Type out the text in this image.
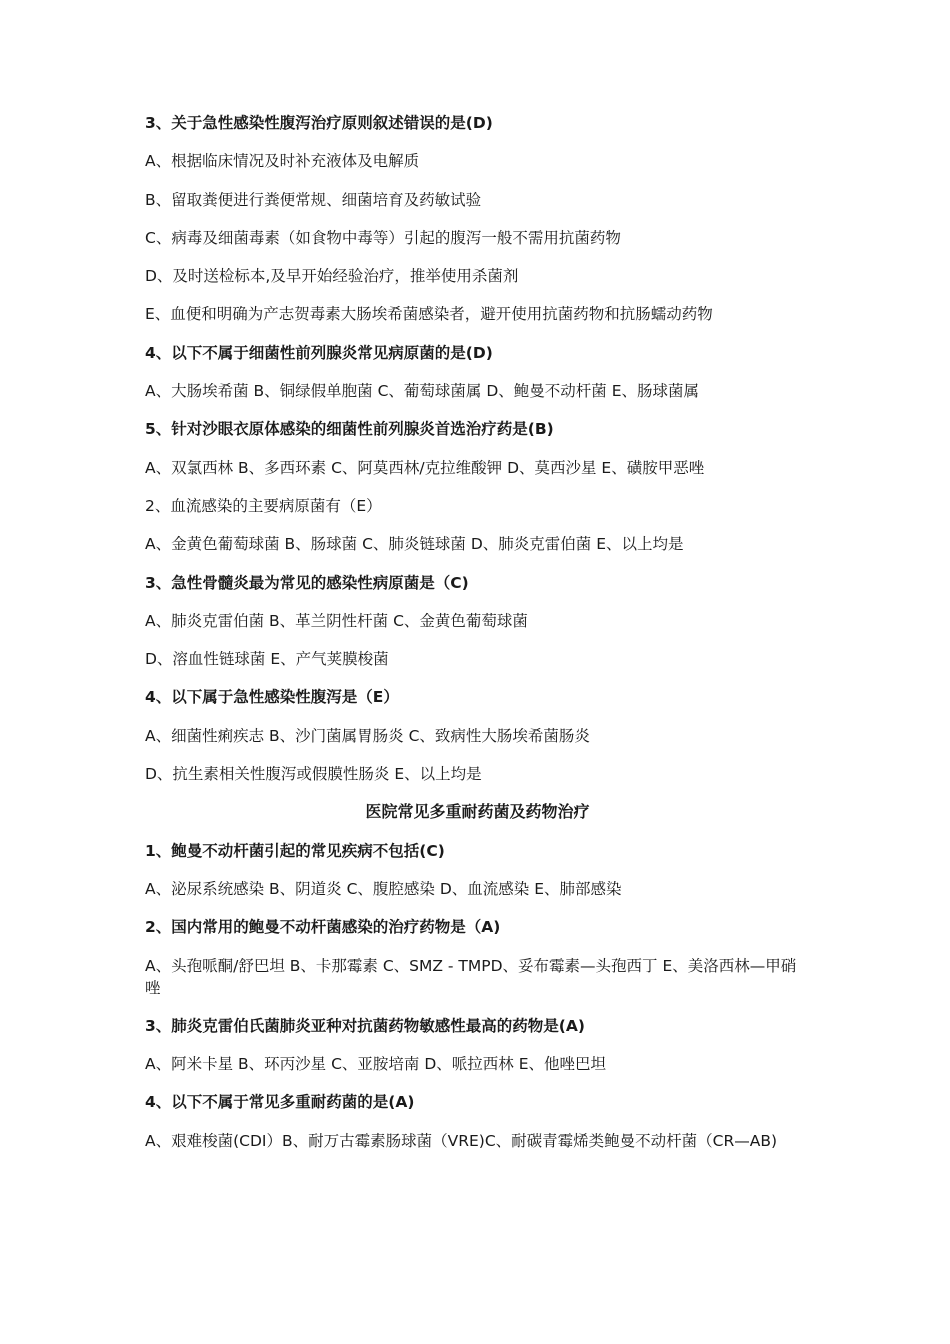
3、关于急性感染性腹泻治疗原则叙述错误的是(D)
A、根据临床情况及时补充液体及电解质
B、留取粪便进行粪便常规、细菌培育及药敏试验
C、病毒及细菌毒素（如食物中毒等）引起的腹泻一般不需用抗菌药物
D、及时送检标本,及早开始经验治疗，推举使用杀菌剂
E、血便和明确为产志贺毒素大肠埃希菌感染者，避开使用抗菌药物和抗肠蠕动药物
4、以下不属于细菌性前列腺炎常见病原菌的是(D)
A、大肠埃希菌 B、铜绿假单胞菌 C、葡萄球菌属 D、鲍曼不动杆菌 E、肠球菌属
5、针对沙眼衣原体感染的细菌性前列腺炎首选治疗药是(B)
A、双氯西林 B、多西环素 C、阿莫西林/克拉维酸钾 D、莫西沙星 E、磺胺甲恶唑
2、血流感染的主要病原菌有（E）
A、金黄色葡萄球菌 B、肠球菌 C、肺炎链球菌 D、肺炎克雷伯菌 E、以上均是
3、急性骨髓炎最为常见的感染性病原菌是（C)
A、肺炎克雷伯菌 B、革兰阴性杆菌 C、金黄色葡萄球菌
D、溶血性链球菌 E、产气荚膜梭菌
4、以下属于急性感染性腹泻是（E）
A、细菌性痢疾志 B、沙门菌属胃肠炎 C、致病性大肠埃希菌肠炎
D、抗生素相关性腹泻或假膜性肠炎 E、以上均是
医院常见多重耐药菌及药物治疗
1、鲍曼不动杆菌引起的常见疾病不包括(C)
A、泌尿系统感染 B、阴道炎 C、腹腔感染 D、血流感染 E、肺部感染
2、国内常用的鲍曼不动杆菌感染的治疗药物是（A)
A、头孢哌酮/舒巴坦 B、卡那霉素 C、SMZ - TMPD、妥布霉素—头孢西丁 E、美洛西林—甲硝唑
3、肺炎克雷伯氏菌肺炎亚种对抗菌药物敏感性最高的药物是(A)
A、阿米卡星 B、环丙沙星 C、亚胺培南 D、哌拉西林 E、他唑巴坦
4、以下不属于常见多重耐药菌的是(A)
A、艰难梭菌(CDI）B、耐万古霉素肠球菌（VRE)C、耐碳青霉烯类鲍曼不动杆菌（CR—AB)
